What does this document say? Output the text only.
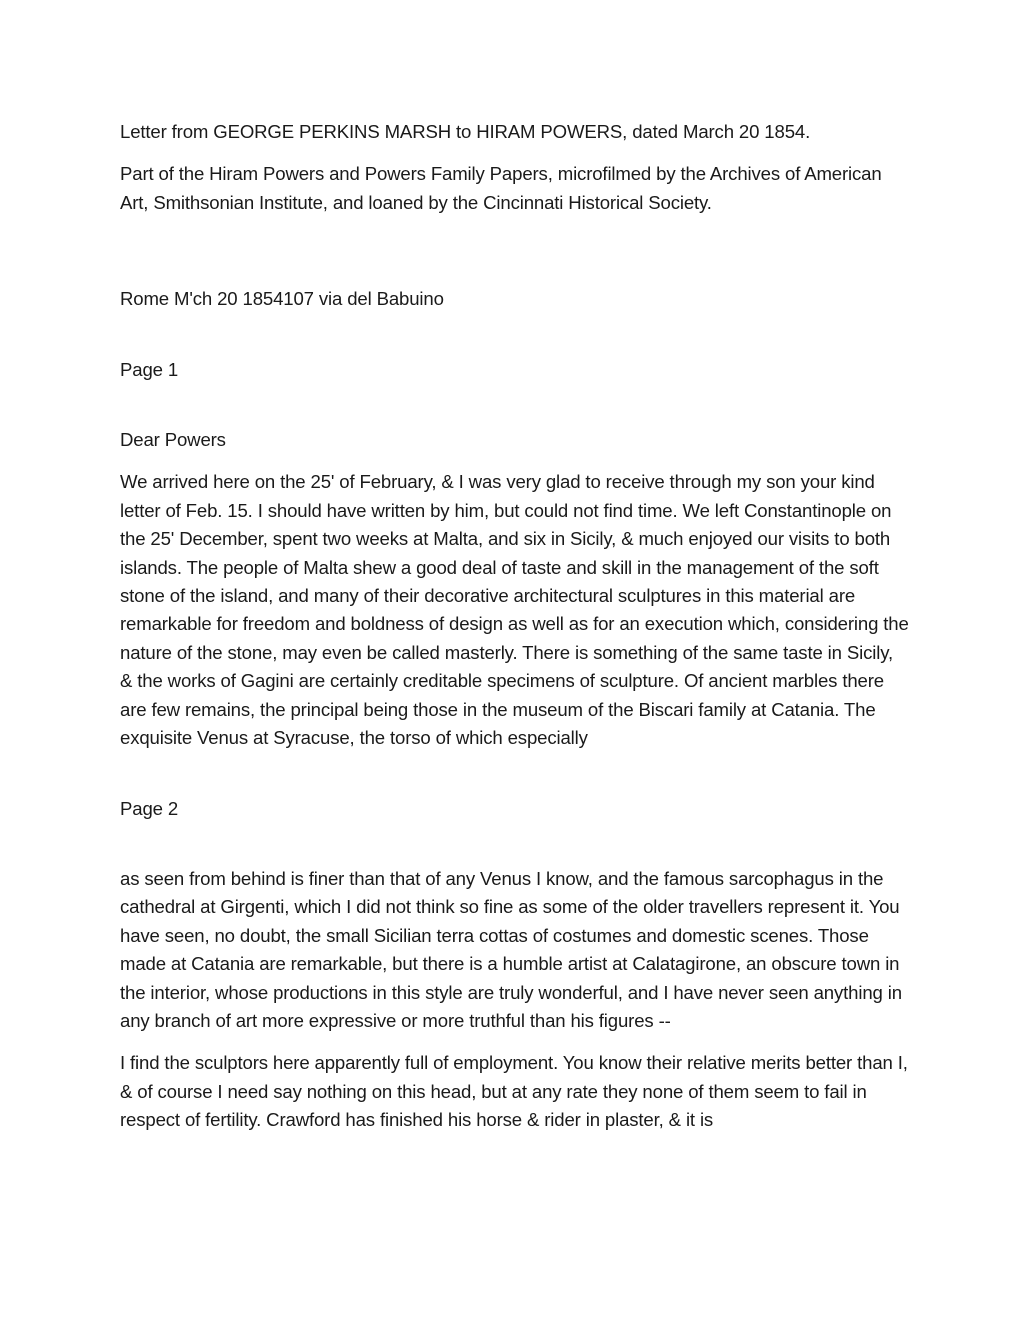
Letter from GEORGE PERKINS MARSH to HIRAM POWERS, dated March 20 1854.

Part of the Hiram Powers and Powers Family Papers, microfilmed by the Archives of American Art, Smithsonian Institute, and loaned by the Cincinnati Historical Society.

Rome M'ch 20 1854107 via del Babuino

Page 1

Dear Powers

We arrived here on the 25' of February, & I was very glad to receive through my son your kind letter of Feb. 15. I should have written by him, but could not find time. We left Constantinople on the 25' December, spent two weeks at Malta, and six in Sicily, & much enjoyed our visits to both islands. The people of Malta shew a good deal of taste and skill in the management of the soft stone of the island, and many of their decorative architectural sculptures in this material are remarkable for freedom and boldness of design as well as for an execution which, considering the nature of the stone, may even be called masterly. There is something of the same taste in Sicily, & the works of Gagini are certainly creditable specimens of sculpture. Of ancient marbles there are few remains, the principal being those in the museum of the Biscari family at Catania. The exquisite Venus at Syracuse, the torso of which especially

Page 2

as seen from behind is finer than that of any Venus I know, and the famous sarcophagus in the cathedral at Girgenti, which I did not think so fine as some of the older travellers represent it. You have seen, no doubt, the small Sicilian terra cottas of costumes and domestic scenes. Those made at Catania are remarkable, but there is a humble artist at Calatagirone, an obscure town in the interior, whose productions in this style are truly wonderful, and I have never seen anything in any branch of art more expressive or more truthful than his figures --

I find the sculptors here apparently full of employment. You know their relative merits better than I, & of course I need say nothing on this head, but at any rate they none of them seem to fail in respect of fertility. Crawford has finished his horse & rider in plaster, & it is
